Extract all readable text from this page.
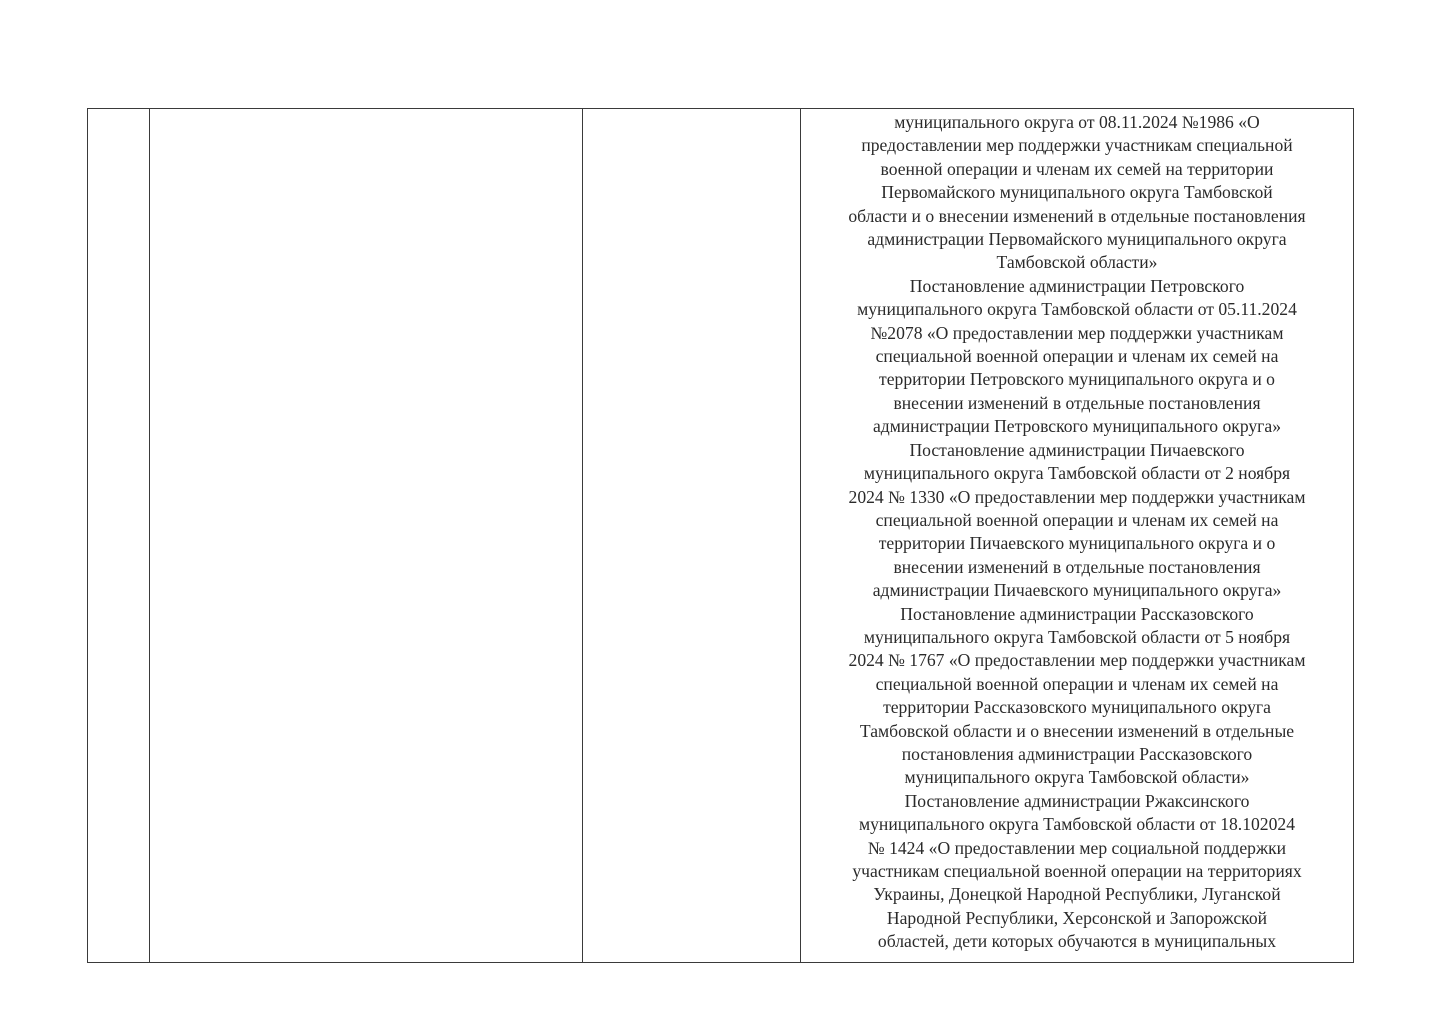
муниципального округа от 08.11.2024 №1986 «О
предоставлении мер поддержки участникам специальной
военной операции и членам их семей на территории
Первомайского муниципального округа Тамбовской
области и о внесении изменений в отдельные постановления
администрации Первомайского муниципального округа
Тамбовской области»
Постановление администрации Петровского
муниципального округа Тамбовской области от 05.11.2024
№2078 «О предоставлении мер поддержки участникам
специальной военной операции и членам их семей на
территории Петровского муниципального округа и о
внесении изменений в отдельные постановления
администрации Петровского муниципального округа»
Постановление администрации Пичаевского
муниципального округа Тамбовской области от 2 ноября
2024 № 1330 «О предоставлении мер поддержки участникам
специальной военной операции и членам их семей на
территории Пичаевского муниципального округа и о
внесении изменений в отдельные постановления
администрации Пичаевского муниципального округа»
Постановление администрации Рассказовского
муниципального округа Тамбовской области от 5 ноября
2024 № 1767 «О предоставлении мер поддержки участникам
специальной военной операции и членам их семей на
территории Рассказовского муниципального округа
Тамбовской области и о внесении изменений в отдельные
постановления администрации Рассказовского
муниципального округа Тамбовской области»
Постановление администрации Ржаксинского
муниципального округа Тамбовской области от 18.102024
№ 1424 «О предоставлении мер социальной поддержки
участникам специальной военной операции на территориях
Украины, Донецкой Народной Республики, Луганской
Народной Республики, Херсонской и Запорожской
областей, дети которых обучаются в муниципальных
